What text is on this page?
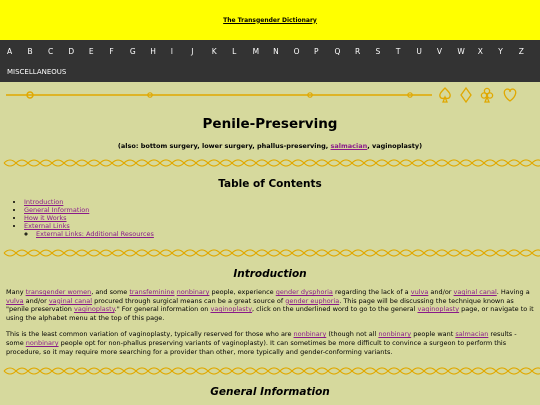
The Transgender Dictionary
A	B	C	D	E	F	G	H	I	J	K	L	M	N	O	P	Q	R	S	T	U	V	W	X	Y	Z
MISCELLANEOUS
Penile-Preserving
(also: bottom surgery, lower surgery, phallus-preserving, salmacian, vaginoplasty)
Table of Contents
• Introduction
• General Information
• How it Works
• External Links
◦ External Links: Additional Resources
Introduction

Many transgender women, and some transfeminine nonbinary people, experience gender dysphoria regarding the lack of a vulva and/or vaginal canal. Having a vulva and/or vaginal canal procured through surgical means can be a great source of gender euphoria. This page will be discussing the technique known as "penile preservation vaginoplasty." For general information on vaginoplasty, click on the underlined word to go to the general vaginoplasty page, or navigate to it using the alphabet menu at the top of this page.

This is the least common variation of vaginoplasty, typically reserved for those who are nonbinary (though not all nonbinary people want salmacian results - some nonbinary people opt for non-phallus preserving variants of vaginoplasty). It can sometimes be more difficult to convince a surgeon to perform this procedure, so it may require more searching for a provider than other, more typically and gender-conforming variants.

General Information
